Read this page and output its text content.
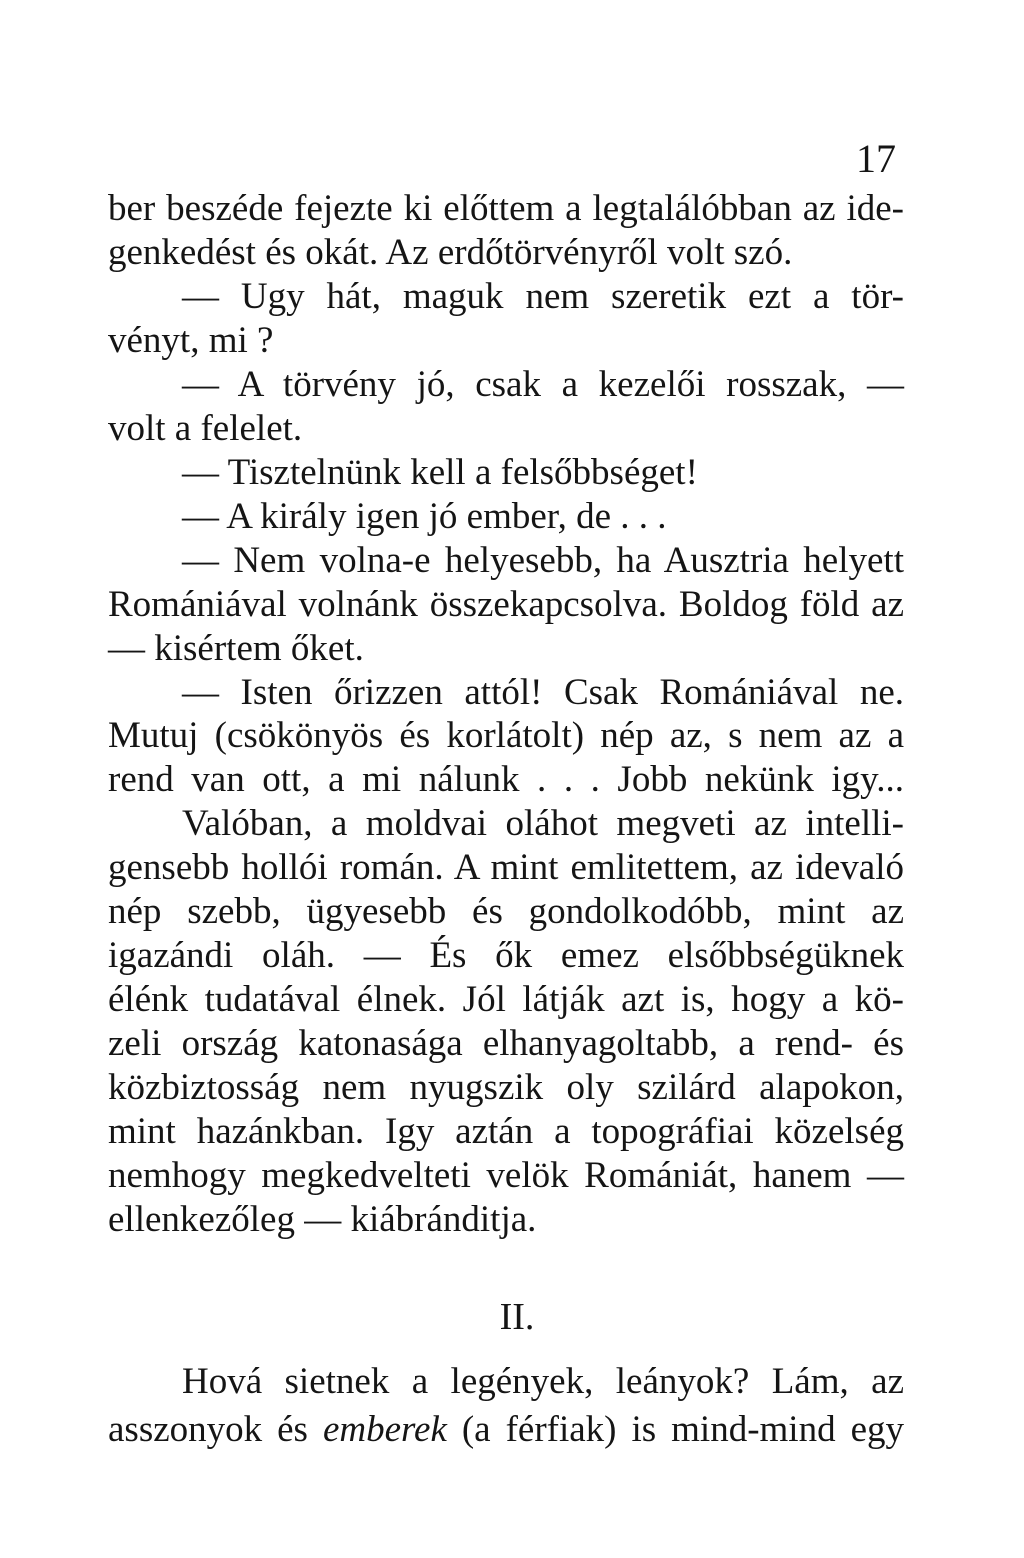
17
ber beszéde fejezte ki előttem a legtalálóbban az ide-
genkedést és okát. Az erdőtörvényről volt szó.
— Ugy hát, maguk nem szeretik ezt a tör-
vényt, mi ?
— A törvény jó, csak a kezelői rosszak, —
volt a felelet.
— Tisztelnünk kell a felsőbbséget!
— A király igen jó ember, de . . .
— Nem volna-e helyesebb, ha Ausztria helyett
Romániával volnánk összekapcsolva. Boldog föld az
— kisértem őket.
— Isten őrizzen attól! Csak Romániával ne.
Mutuj (csökönyös és korlátolt) nép az, s nem az a
rend van ott, a mi nálunk . . . Jobb nekünk igy...
Valóban, a moldvai oláhot megveti az intelli-
gensebb hollói román. A mint emlitettem, az idevaló
nép szebb, ügyesebb és gondolkodóbb, mint az
igazándi oláh. — És ők emez elsőbbségüknek
élénk tudatával élnek. Jól látják azt is, hogy a kö-
zeli ország katonasága elhanyagoltabb, a rend- és
közbiztosság nem nyugszik oly szilárd alapokon,
mint hazánkban. Igy aztán a topográfiai közelség
nemhogy megkedvelteti velök Romániát, hanem —
ellenkezőleg — kiábránditja.
II.
Hová sietnek a legények, leányok? Lám, az
asszonyok és emberek (a férfiak) is mind-mind egy
